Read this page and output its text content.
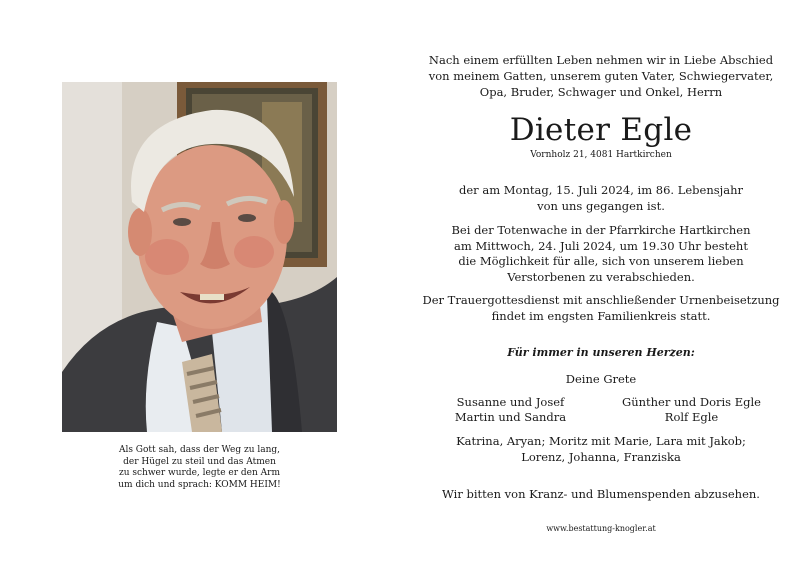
Als Gott sah, dass der Weg zu lang,
der Hügel zu steil und das Atmen
zu schwer wurde, legte er den Arm
um dich und sprach: KOMM HEIM!
Nach einem erfüllten Leben nehmen wir in Liebe Abschied
von meinem Gatten, unserem guten Vater, Schwiegervater,
Opa, Bruder, Schwager und Onkel, Herrn
Dieter Egle
Vornholz 21, 4081 Hartkirchen
der am Montag, 15. Juli 2024, im 86. Lebensjahr
von uns gegangen ist.
Bei der Totenwache in der Pfarrkirche Hartkirchen
am Mittwoch, 24. Juli 2024, um 19.30 Uhr besteht
die Möglichkeit für alle, sich von unserem lieben
Verstorbenen zu verabschieden.
Der Trauergottesdienst mit anschließender Urnenbeisetzung
findet im engsten Familienkreis statt.
Für immer in unseren Herzen:
Deine Grete
Susanne und Josef
Martin und Sandra
Günther und Doris Egle
Rolf Egle
Katrina, Aryan; Moritz mit Marie, Lara mit Jakob;
Lorenz, Johanna, Franziska
Wir bitten von Kranz- und Blumenspenden abzusehen.
www.bestattung-knogler.at
